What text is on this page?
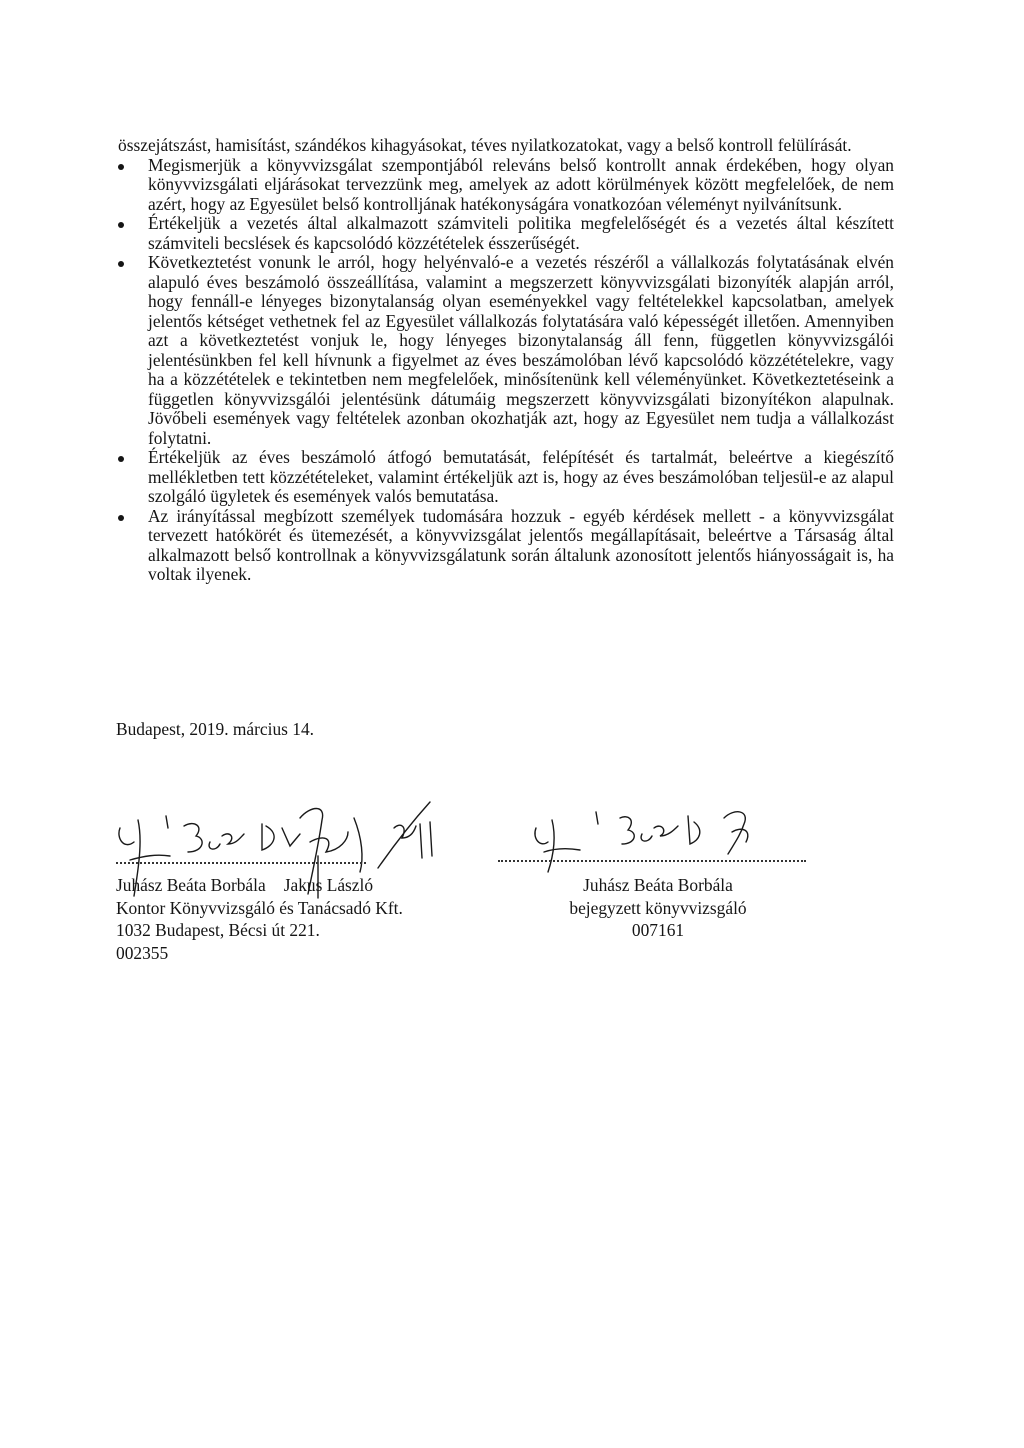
összejátszást, hamisítást, szándékos kihagyásokat, téves nyilatkozatokat, vagy a belső kontroll felülírását.

Megismerjük a könyvvizsgálat szempontjából releváns belső kontrollt annak érdekében, hogy olyan könyvvizsgálati eljárásokat tervezzünk meg, amelyek az adott körülmények között megfelelőek, de nem azért, hogy az Egyesület belső kontrolljának hatékonyságára vonatkozóan véleményt nyilvánítsunk.
Értékeljük a vezetés által alkalmazott számviteli politika megfelelőségét és a vezetés által készített számviteli becslések és kapcsolódó közzétételek ésszerűségét.
Következtetést vonunk le arról, hogy helyénvaló-e a vezetés részéről a vállalkozás folytatásának elvén alapuló éves beszámoló összeállítása, valamint a megszerzett könyvvizsgálati bizonyíték alapján arról, hogy fennáll-e lényeges bizonytalanság olyan eseményekkel vagy feltételekkel kapcsolatban, amelyek jelentős kétséget vethetnek fel az Egyesület vállalkozás folytatására való képességét illetően. Amennyiben azt a következtetést vonjuk le, hogy lényeges bizonytalanság áll fenn, független könyvvizsgálói jelentésünkben fel kell hívnunk a figyelmet az éves beszámolóban lévő kapcsolódó közzétételekre, vagy ha a közzétételek e tekintetben nem megfelelőek, minősítenünk kell véleményünket. Következtetéseink a független könyvvizsgálói jelentésünk dátumáig megszerzett könyvvizsgálati bizonyítékon alapulnak. Jövőbeli események vagy feltételek azonban okozhatják azt, hogy az Egyesület nem tudja a vállalkozást folytatni.
Értékeljük az éves beszámoló átfogó bemutatását, felépítését és tartalmát, beleértve a kiegészítő mellékletben tett közzétételeket, valamint értékeljük azt is, hogy az éves beszámolóban teljesül-e az alapul szolgáló ügyletek és események valós bemutatása.
Az irányítással megbízott személyek tudomására hozzuk - egyéb kérdések mellett - a könyvvizsgálat tervezett hatókörét és ütemezését, a könyvvizsgálat jelentős megállapításait, beleértve a Társaság által alkalmazott belső kontrollnak a könyvvizsgálatunk során általunk azonosított jelentős hiányosságait is, ha voltak ilyenek.
Budapest, 2019. március 14.
Juhász Beáta Borbála Jakus László
Kontor Könyvvizsgáló és Tanácsadó Kft.
1032 Budapest, Bécsi út 221.
002355
Juhász Beáta Borbála
bejegyzett könyvvizsgáló
007161
